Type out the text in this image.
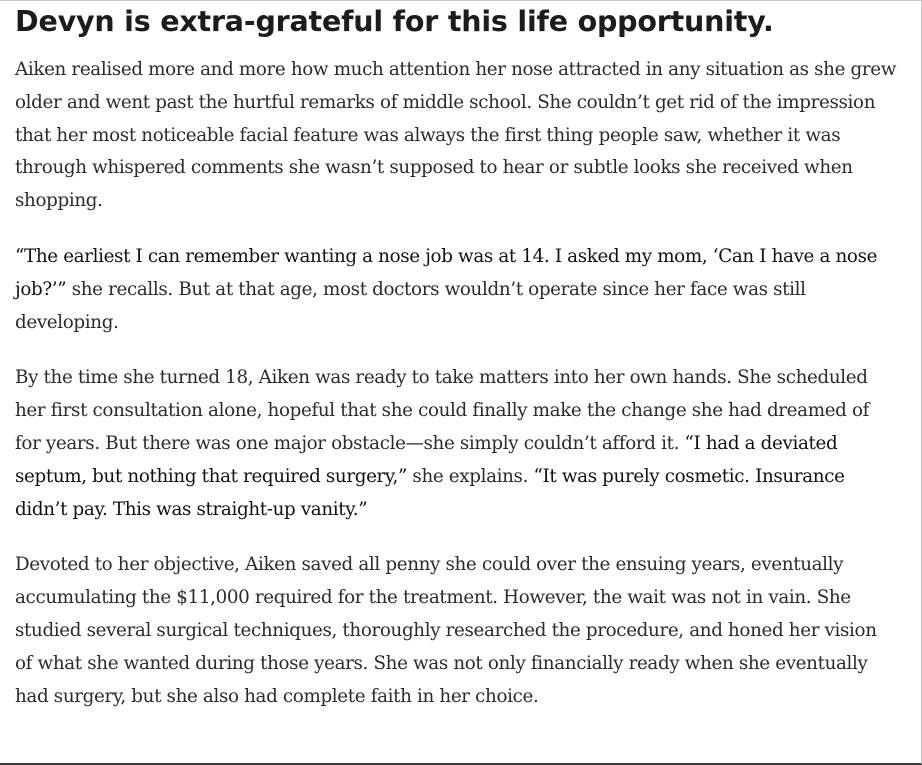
Devyn is extra-grateful for this life opportunity.

Aiken realised more and more how much attention her nose attracted in any situation as she grew older and went past the hurtful remarks of middle school. She couldn’t get rid of the impression that her most noticeable facial feature was always the first thing people saw, whether it was through whispered comments she wasn’t supposed to hear or subtle looks she received when shopping.

“The earliest I can remember wanting a nose job was at 14. I asked my mom, ‘Can I have a nose job?’” she recalls. But at that age, most doctors wouldn’t operate since her face was still developing.

By the time she turned 18, Aiken was ready to take matters into her own hands. She scheduled her first consultation alone, hopeful that she could finally make the change she had dreamed of for years. But there was one major obstacle—she simply couldn’t afford it. “I had a deviated septum, but nothing that required surgery,” she explains. “It was purely cosmetic. Insurance didn’t pay. This was straight-up vanity.”

Devoted to her objective, Aiken saved all penny she could over the ensuing years, eventually accumulating the $11,000 required for the treatment. However, the wait was not in vain. She studied several surgical techniques, thoroughly researched the procedure, and honed her vision of what she wanted during those years. She was not only financially ready when she eventually had surgery, but she also had complete faith in her choice.
